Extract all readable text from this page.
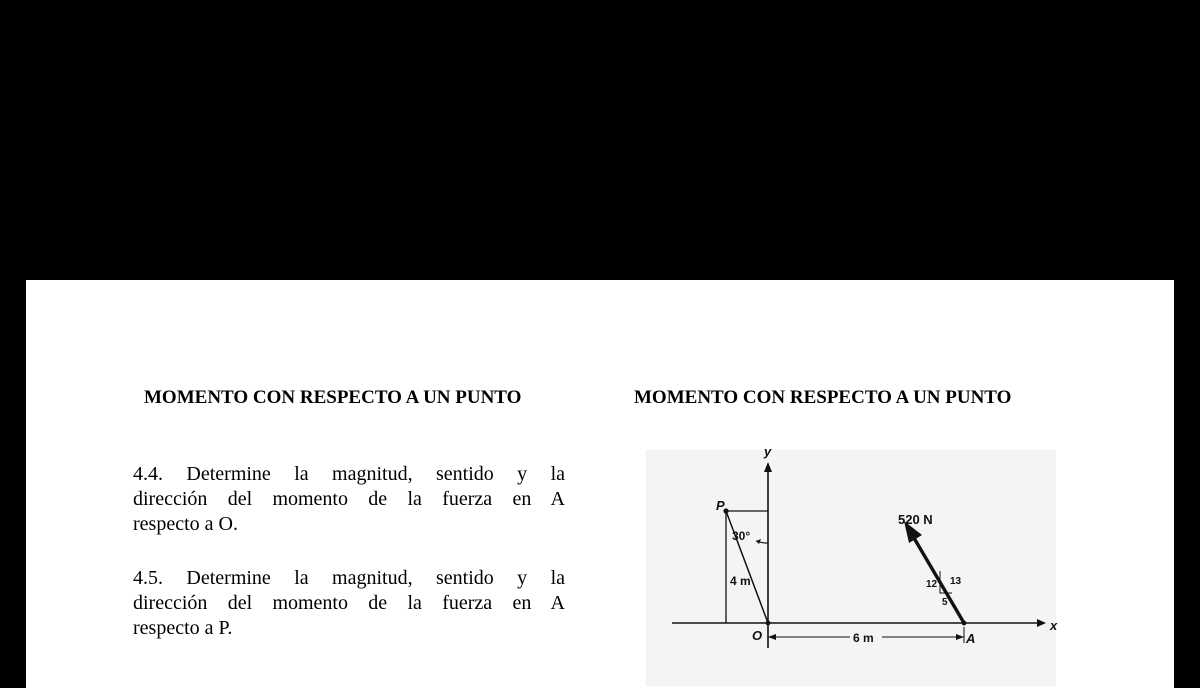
MOMENTO CON RESPECTO A UN PUNTO	MOMENTO CON RESPECTO A UN PUNTO
4.4. Determine la magnitud, sentido y la
dirección del momento de la fuerza en A
respecto a O.
4.5. Determine la magnitud, sentido y la
dirección del momento de la fuerza en A
respecto a P.	x
y
P
30°
4 m
O	6 m	A
520 N
12 13
5
